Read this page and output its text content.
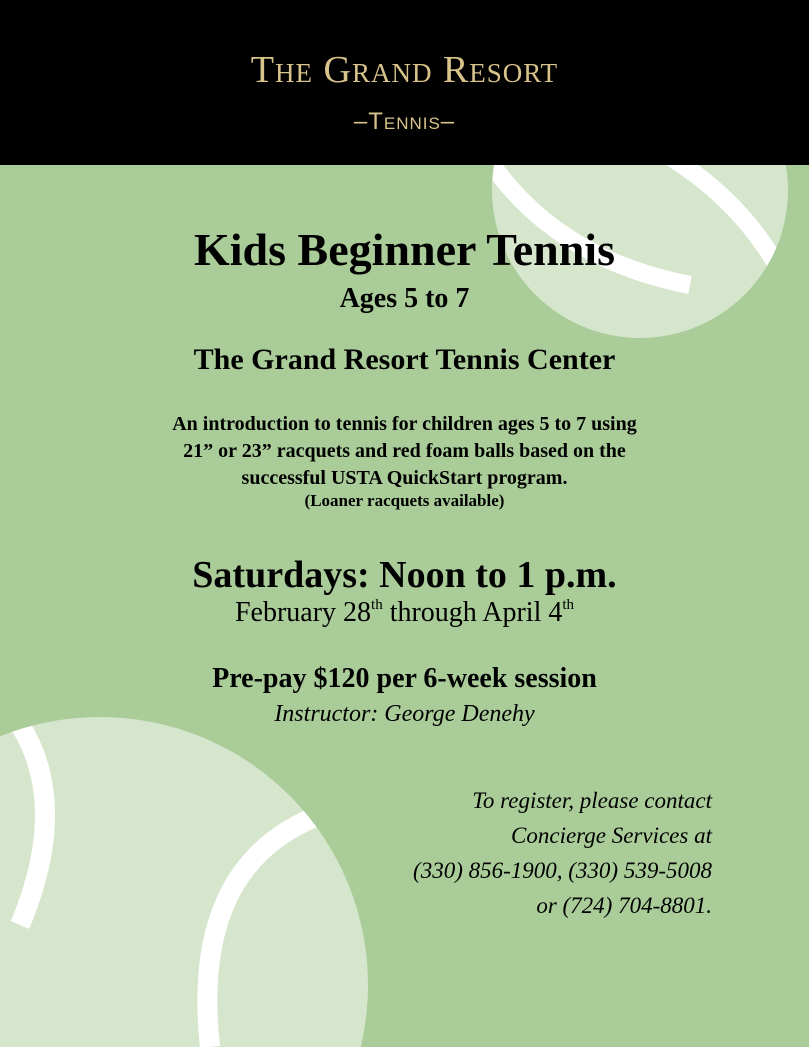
The Grand Resort
–Tennis–
Kids Beginner Tennis
Ages 5 to 7
The Grand Resort Tennis Center
An introduction to tennis for children ages 5 to 7 using
21” or 23” racquets and red foam balls based on the
successful USTA QuickStart program.
(Loaner racquets available)
Saturdays: Noon to 1 p.m.
February 28th through April 4th
Pre-pay $120 per 6-week session
Instructor: George Denehy
To register, please contact
Concierge Services at
(330) 856-1900, (330) 539-5008
or (724) 704-8801.
